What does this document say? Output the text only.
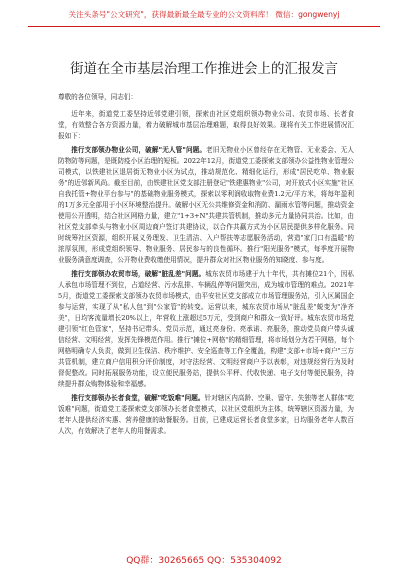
关注头条号"公文研究"，获得最新最全最专业的公文资料库！ 微信：gongwenyj
街道在全市基层治理工作推进会上的汇报发言

尊敬的各位领导，同志们：

近年来，街道党工委坚持近邻党建引领，探索由社区党组织领办物业公司、农贸市场、长者食堂，有效整合各方资源力量，着力破解城市基层治理难题，取得良好效果。现将有关工作进展情况汇报如下：

推行支部领办物业公司，破解"无人管"问题。老旧无物业小区曾经存在无物管、无业委会、无人防物防等问题，是既防疫小区治理的短板。2022年12月，街道党工委探索支部领办公益性物业管理公司模式，以铁建社区退居街无物业小区为试点，推动规范化、精细化运行，形成"居民吃单、物业服务"的近邻新风尚。截至目前，由铁建社区党支部注册登记"铁建惠物业"公司，对开放式小区实施"社区自我托管+物业平台参与"的基础物业服务模式，探索以零利润收取物业费1.2元/平方米，将每年盈利的1万多元全部用于小区环境整治提升。破解小区无公共维修资金和消防、漏雨水管等问题，推动资金使用公开透明，结合社区网格力量，建立"1+3+N"共建共管机制，推动多元力量协同共治。比如，由社区党支部牵头与物业小区周边商户签订共建协议，以合作共赢方式为小区居民提供多样化服务。同时统筹社区资源，组织开展义务理发、卫生清洁、入户帮扶等志愿服务活动，营造"家门口有温暖"的浓厚氛围，形成党组织领导、物业服务、居民参与的良性循环。推行"阳光服务"模式，每季度开展物业服务满意度调查，公开物业费收缴使用情况，提升群众对社区物业服务的知晓度、参与度。

推行支部领办农贸市场，破解"脏乱差"问题。城东农贸市场建于九十年代，共有摊位21个，因私人承包市场管理不到位，占道经营、污水乱排、车辆乱停等问题突出，成为城市管理的难点。2021年5月，街道党工委探索支部领办农贸市场模式，由平安社区党支部成立市场管理服务站，引入区属国企参与运营，实现了从"私人包"到"公家管"的转变。运营以来，城东农贸市场从"脏乱差"蜕变为"净齐美"，日均客流量增长20%以上，年营收上涨超过5万元，受到商户和群众一致好评。城东农贸市场党建引领"红色管家"，坚持书记带头、党员示范，通过亮身份、亮承诺、亮服务，推动党员商户带头诚信经营、文明经营，发挥先锋模范作用。推行"摊位+网格"的精细管理，将市场划分为若干网格，每个网格明确专人负责，做到卫生保洁、秩序维护、安全巡查等工作全覆盖，构建"支部+市场+商户"三方共管机制，建立商户信用积分评价制度，对守法经营、文明经营商户予以表彰，对违规经营行为及时督促整改。同时拓展服务功能，设立便民服务站，提供公平秤、代收快递、电子支付等便民服务，持续提升群众购物体验和幸福感。

推行支部领办长者食堂，破解"吃饭难"问题。针对辖区内高龄、空巢、留守、失独等老人群体"吃饭难"问题，街道党工委探索党支部领办长者食堂模式，以社区党组织为主体，统筹辖区资源力量，为老年人提供经济实惠、营养健康的助餐服务。目前，已建成运营长者食堂多家，日均服务老年人数百人次，有效解决了老年人的用餐需求。

QQ群：30265665 QQ：535304092
